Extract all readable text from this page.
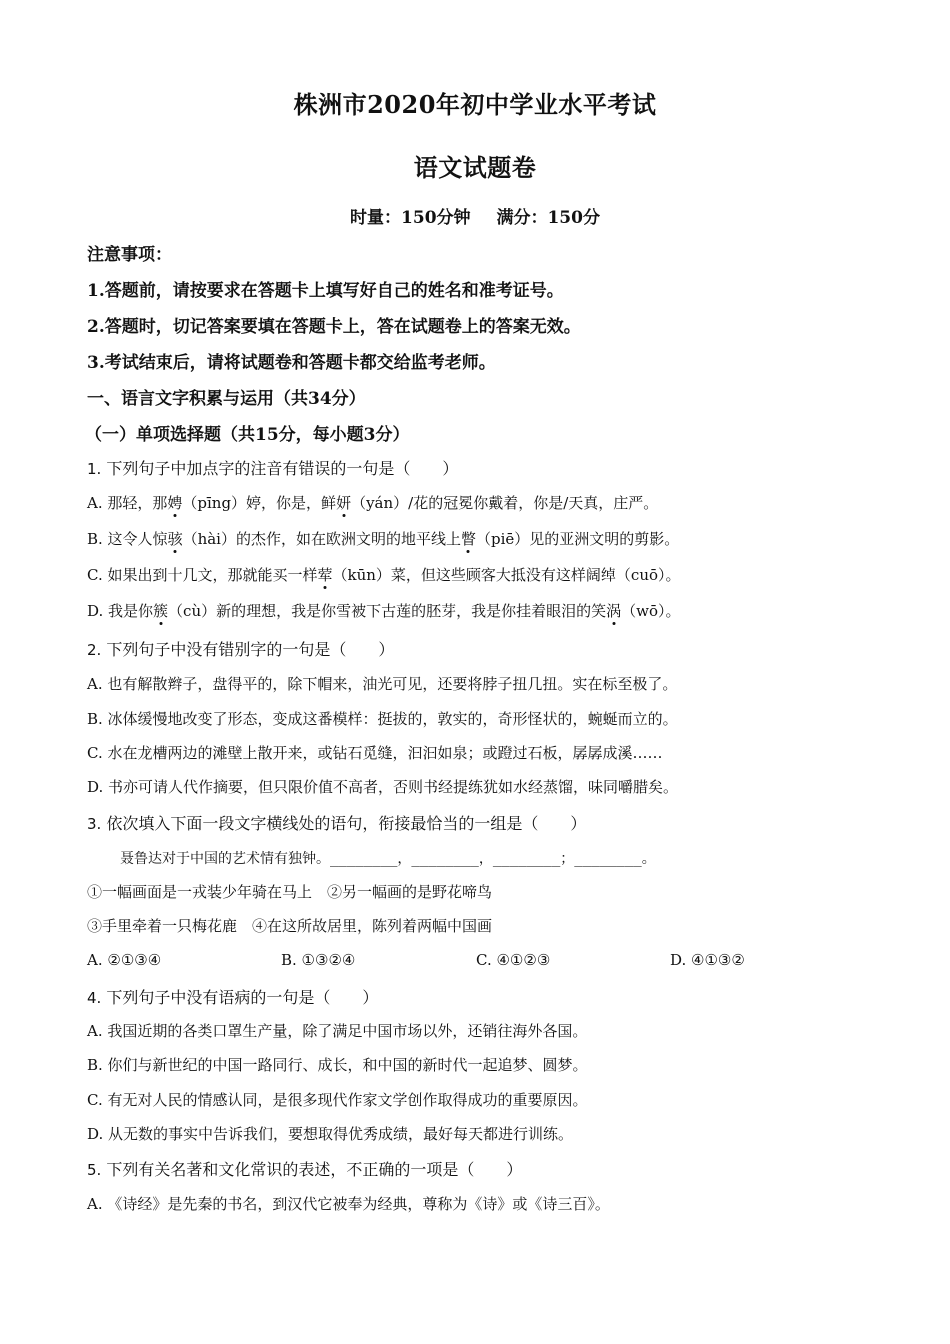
株洲市2020年初中学业水平考试
语文试题卷
时量：150分钟 满分：150分
注意事项：
1.答题前，请按要求在答题卡上填写好自己的姓名和准考证号。
2.答题时，切记答案要填在答题卡上，答在试题卷上的答案无效。
3.考试结束后，请将试题卷和答题卡都交给监考老师。
一、语言文字积累与运用（共34分）
（一）单项选择题（共15分，每小题3分）
1. 下列句子中加点字的注音有错误的一句是（　　）
A. 那轻，那娉（pīng）婷，你是，鲜妍（yán）/花的冠冕你戴着，你是/天真，庄严。
B. 这令人惊骇（hài）的杰作，如在欧洲文明的地平线上瞥（piē）见的亚洲文明的剪影。
C. 如果出到十几文，那就能买一样荤（kūn）菜，但这些顾客大抵没有这样阔绰（cuō）。
D. 我是你簇（cù）新的理想，我是你雪被下古莲的胚芽，我是你挂着眼泪的笑涡（wō）。
2. 下列句子中没有错别字的一句是（　　）
A. 也有解散辫子，盘得平的，除下帽来，油光可见，还要将脖子扭几扭。实在标至极了。
B. 冰体缓慢地改变了形态，变成这番模样：挺拔的，敦实的，奇形怪状的，蜿蜒而立的。
C. 水在龙槽两边的滩壁上散开来，或钻石觅缝，汩汩如泉；或蹬过石板，孱孱成溪……
D. 书亦可请人代作摘要，但只限价值不高者，否则书经提练犹如水经蒸馏，味同嚼腊矣。
3. 依次填入下面一段文字横线处的语句，衔接最恰当的一组是（　　）
聂鲁达对于中国的艺术情有独钟。________，________，________；________。
①一幅画面是一戎装少年骑在马上　②另一幅画的是野花啼鸟
③手里牵着一只梅花鹿　④在这所故居里，陈列着两幅中国画
A. ②①③④	B. ①③②④	C. ④①②③	D. ④①③②
4. 下列句子中没有语病的一句是（　　）
A. 我国近期的各类口罩生产量，除了满足中国市场以外，还销往海外各国。
B. 你们与新世纪的中国一路同行、成长，和中国的新时代一起追梦、圆梦。
C. 有无对人民的情感认同，是很多现代作家文学创作取得成功的重要原因。
D. 从无数的事实中告诉我们，要想取得优秀成绩，最好每天都进行训练。
5. 下列有关名著和文化常识的表述，不正确的一项是（　　）
A. 《诗经》是先秦的书名，到汉代它被奉为经典，尊称为《诗》或《诗三百》。
